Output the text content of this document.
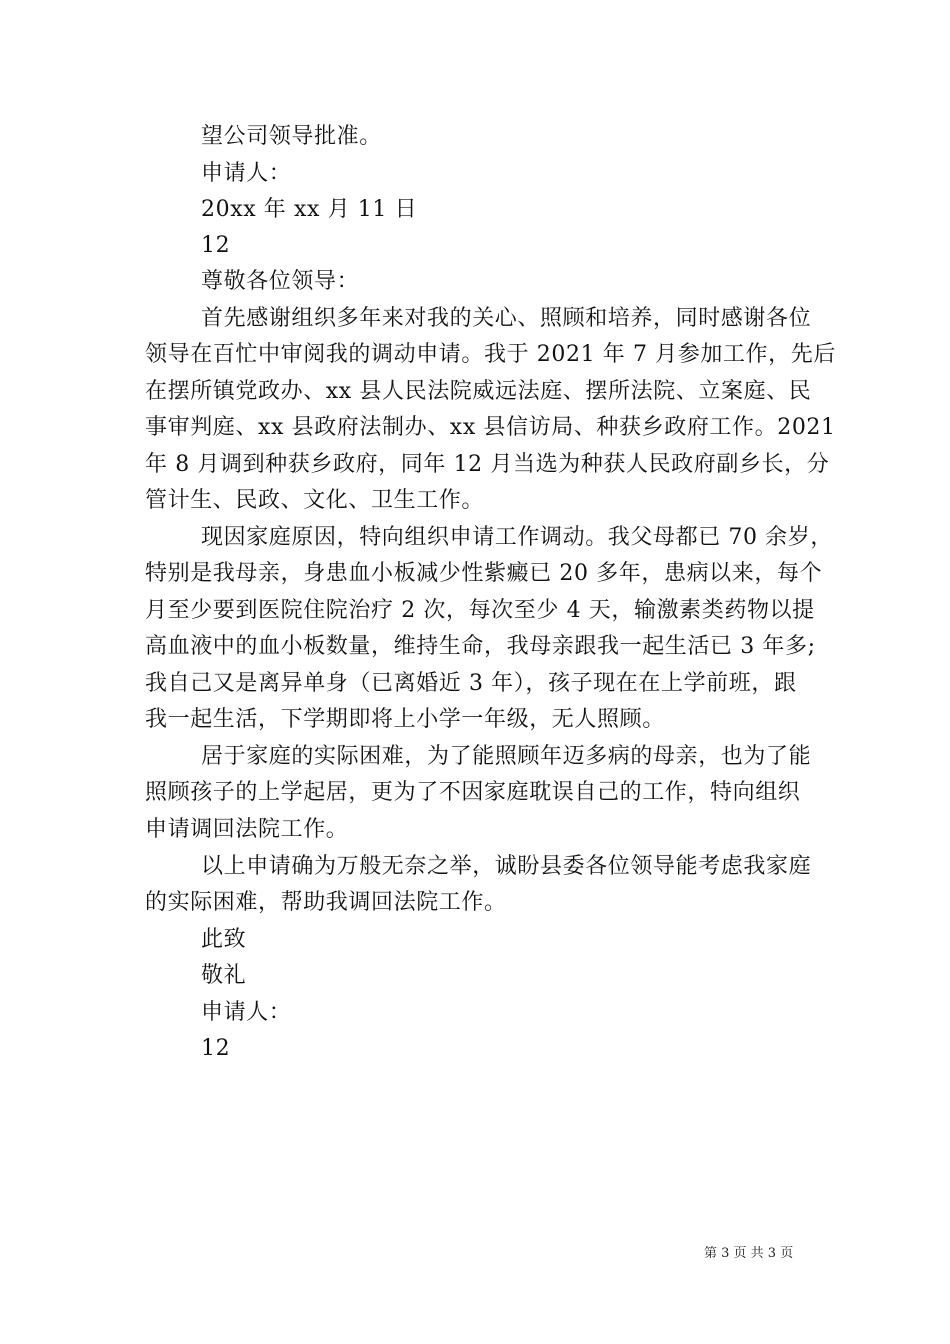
望公司领导批准。
申请人：
20xx 年 xx 月 11 日
12
尊敬各位领导：
首先感谢组织多年来对我的关心、照顾和培养，同时感谢各位
领导在百忙中审阅我的调动申请。我于 2021 年 7 月参加工作，先后
在摆所镇党政办、xx 县人民法院威远法庭、摆所法院、立案庭、民
事审判庭、xx 县政府法制办、xx 县信访局、种获乡政府工作。2021
年 8 月调到种获乡政府，同年 12 月当选为种获人民政府副乡长，分
管计生、民政、文化、卫生工作。
现因家庭原因，特向组织申请工作调动。我父母都已 70 余岁，
特别是我母亲，身患血小板减少性紫癜已 20 多年，患病以来，每个
月至少要到医院住院治疗 2 次，每次至少 4 天，输激素类药物以提
高血液中的血小板数量，维持生命，我母亲跟我一起生活已 3 年多;
我自己又是离异单身（已离婚近 3 年），孩子现在在上学前班，跟
我一起生活，下学期即将上小学一年级，无人照顾。
居于家庭的实际困难，为了能照顾年迈多病的母亲，也为了能
照顾孩子的上学起居，更为了不因家庭耽误自己的工作，特向组织
申请调回法院工作。
以上申请确为万般无奈之举，诚盼县委各位领导能考虑我家庭
的实际困难，帮助我调回法院工作。
此致
敬礼
申请人：
12
第 3 页 共 3 页
